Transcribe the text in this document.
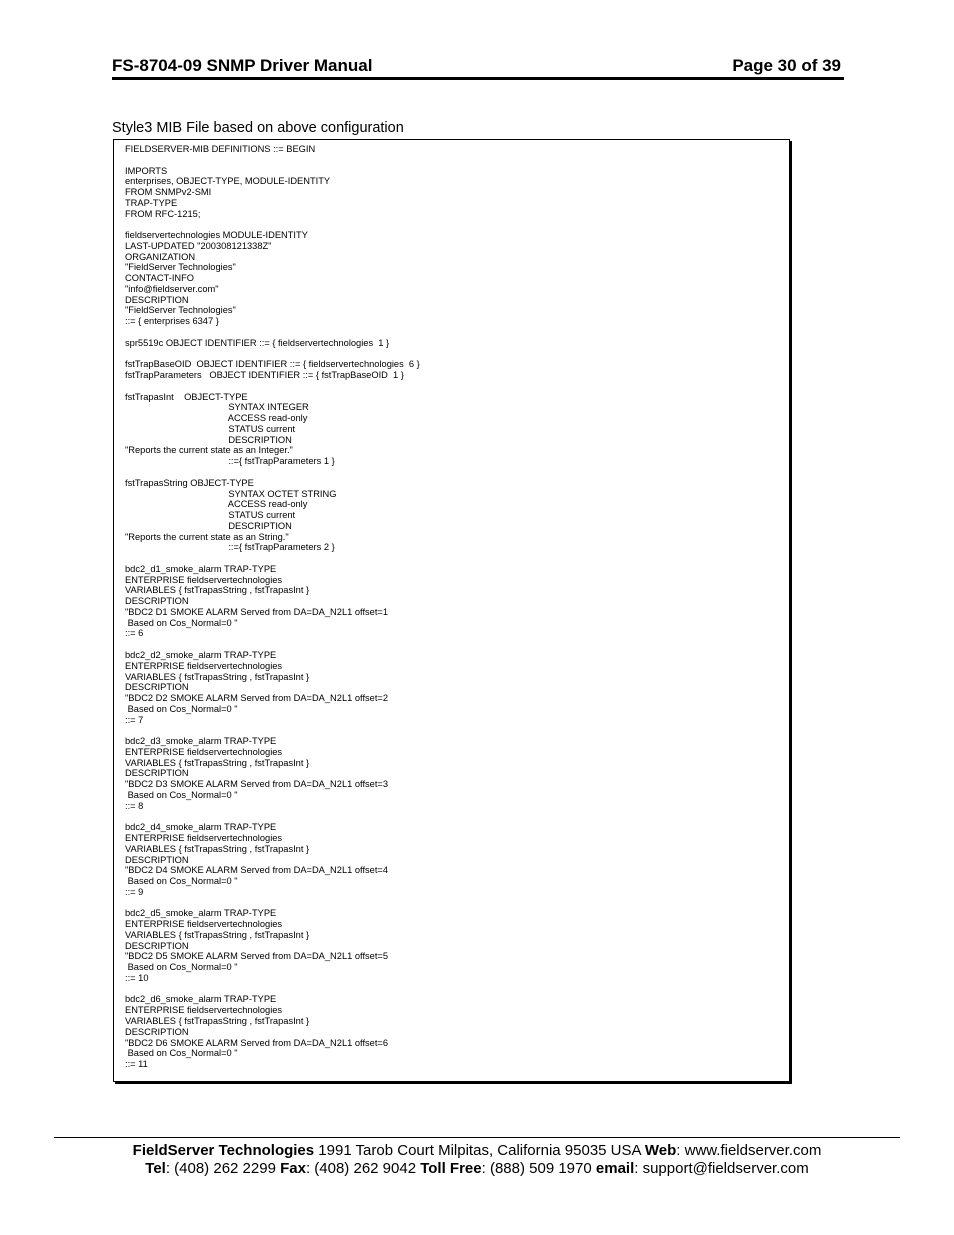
FS-8704-09 SNMP Driver Manual	Page 30 of 39
Style3 MIB File based on above configuration
FIELDSERVER-MIB DEFINITIONS ::= BEGIN
IMPORTS
enterprises, OBJECT-TYPE, MODULE-IDENTITY
FROM SNMPv2-SMI
TRAP-TYPE
FROM RFC-1215;
fieldservertechnologies MODULE-IDENTITY
LAST-UPDATED "200308121338Z"
ORGANIZATION
"FieldServer Technologies"
CONTACT-INFO
"info@fieldserver.com"
DESCRIPTION
"FieldServer Technologies"
::= { enterprises 6347 }
spr5519c OBJECT IDENTIFIER ::= { fieldservertechnologies  1 }
fstTrapBaseOID  OBJECT IDENTIFIER ::= { fieldservertechnologies  6 }
fstTrapParameters   OBJECT IDENTIFIER ::= { fstTrapBaseOID  1 }
fstTrapasInt    OBJECT-TYPE
SYNTAX INTEGER
ACCESS read-only
STATUS current
DESCRIPTION
"Reports the current state as an Integer."
::={ fstTrapParameters 1 }
fstTrapasString OBJECT-TYPE
SYNTAX OCTET STRING
ACCESS read-only
STATUS current
DESCRIPTION
"Reports the current state as an String."
::={ fstTrapParameters 2 }
bdc2_d1_smoke_alarm TRAP-TYPE
ENTERPRISE fieldservertechnologies
VARIABLES { fstTrapasString , fstTrapasInt }
DESCRIPTION
"BDC2 D1 SMOKE ALARM Served from DA=DA_N2L1 offset=1
Based on Cos_Normal=0 "
::= 6
bdc2_d2_smoke_alarm TRAP-TYPE
ENTERPRISE fieldservertechnologies
VARIABLES { fstTrapasString , fstTrapasInt }
DESCRIPTION
"BDC2 D2 SMOKE ALARM Served from DA=DA_N2L1 offset=2
Based on Cos_Normal=0 "
::= 7
bdc2_d3_smoke_alarm TRAP-TYPE
ENTERPRISE fieldservertechnologies
VARIABLES { fstTrapasString , fstTrapasInt }
DESCRIPTION
"BDC2 D3 SMOKE ALARM Served from DA=DA_N2L1 offset=3
Based on Cos_Normal=0 "
::= 8
bdc2_d4_smoke_alarm TRAP-TYPE
ENTERPRISE fieldservertechnologies
VARIABLES { fstTrapasString , fstTrapasInt }
DESCRIPTION
"BDC2 D4 SMOKE ALARM Served from DA=DA_N2L1 offset=4
Based on Cos_Normal=0 "
::= 9
bdc2_d5_smoke_alarm TRAP-TYPE
ENTERPRISE fieldservertechnologies
VARIABLES { fstTrapasString , fstTrapasInt }
DESCRIPTION
"BDC2 D5 SMOKE ALARM Served from DA=DA_N2L1 offset=5
Based on Cos_Normal=0 "
::= 10
bdc2_d6_smoke_alarm TRAP-TYPE
ENTERPRISE fieldservertechnologies
VARIABLES { fstTrapasString , fstTrapasInt }
DESCRIPTION
"BDC2 D6 SMOKE ALARM Served from DA=DA_N2L1 offset=6
Based on Cos_Normal=0 "
::= 11
FieldServer Technologies 1991 Tarob Court Milpitas, California 95035 USA Web: www.fieldserver.com
Tel: (408) 262 2299 Fax: (408) 262 9042 Toll Free: (888) 509 1970 email: support@fieldserver.com
